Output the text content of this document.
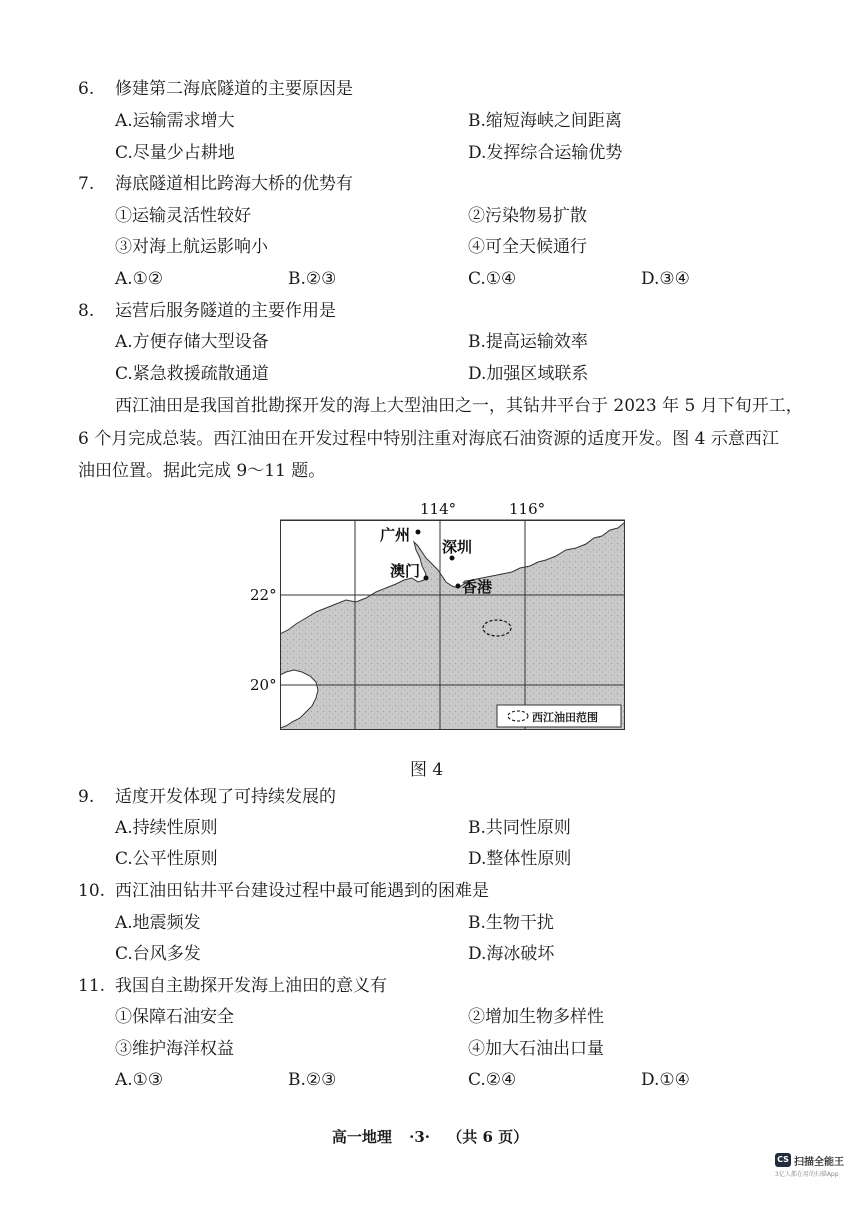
6. 修建第二海底隧道的主要原因是
A.运输需求增大	B.缩短海峡之间距离
C.尽量少占耕地	D.发挥综合运输优势
7. 海底隧道相比跨海大桥的优势有
①运输灵活性较好	②污染物易扩散
③对海上航运影响小	④可全天候通行
A.①②	B.②③	C.①④	D.③④
8. 运营后服务隧道的主要作用是
A.方便存储大型设备	B.提高运输效率
C.紧急救援疏散通道	D.加强区域联系
西江油田是我国首批勘探开发的海上大型油田之一，其钻井平台于 2023 年 5 月下旬开工，
6 个月完成总装。西江油田在开发过程中特别注重对海底石油资源的适度开发。图 4 示意西江
油田位置。据此完成 9～11 题。
114°	116°
22°
20°
广州
深圳
澳门
香港
西江油田范围
图 4
9. 适度开发体现了可持续发展的
A.持续性原则	B.共同性原则
C.公平性原则	D.整体性原则
10. 西江油田钻井平台建设过程中最可能遇到的困难是
A.地震频发	B.生物干扰
C.台风多发	D.海冰破坏
11. 我国自主勘探开发海上油田的意义有
①保障石油安全	②增加生物多样性
③维护海洋权益	④加大石油出口量
A.①③	B.②③	C.②④	D.①④
高一地理 ·3· （共 6 页）
CS 扫描全能王
3亿人都在用的扫描App
